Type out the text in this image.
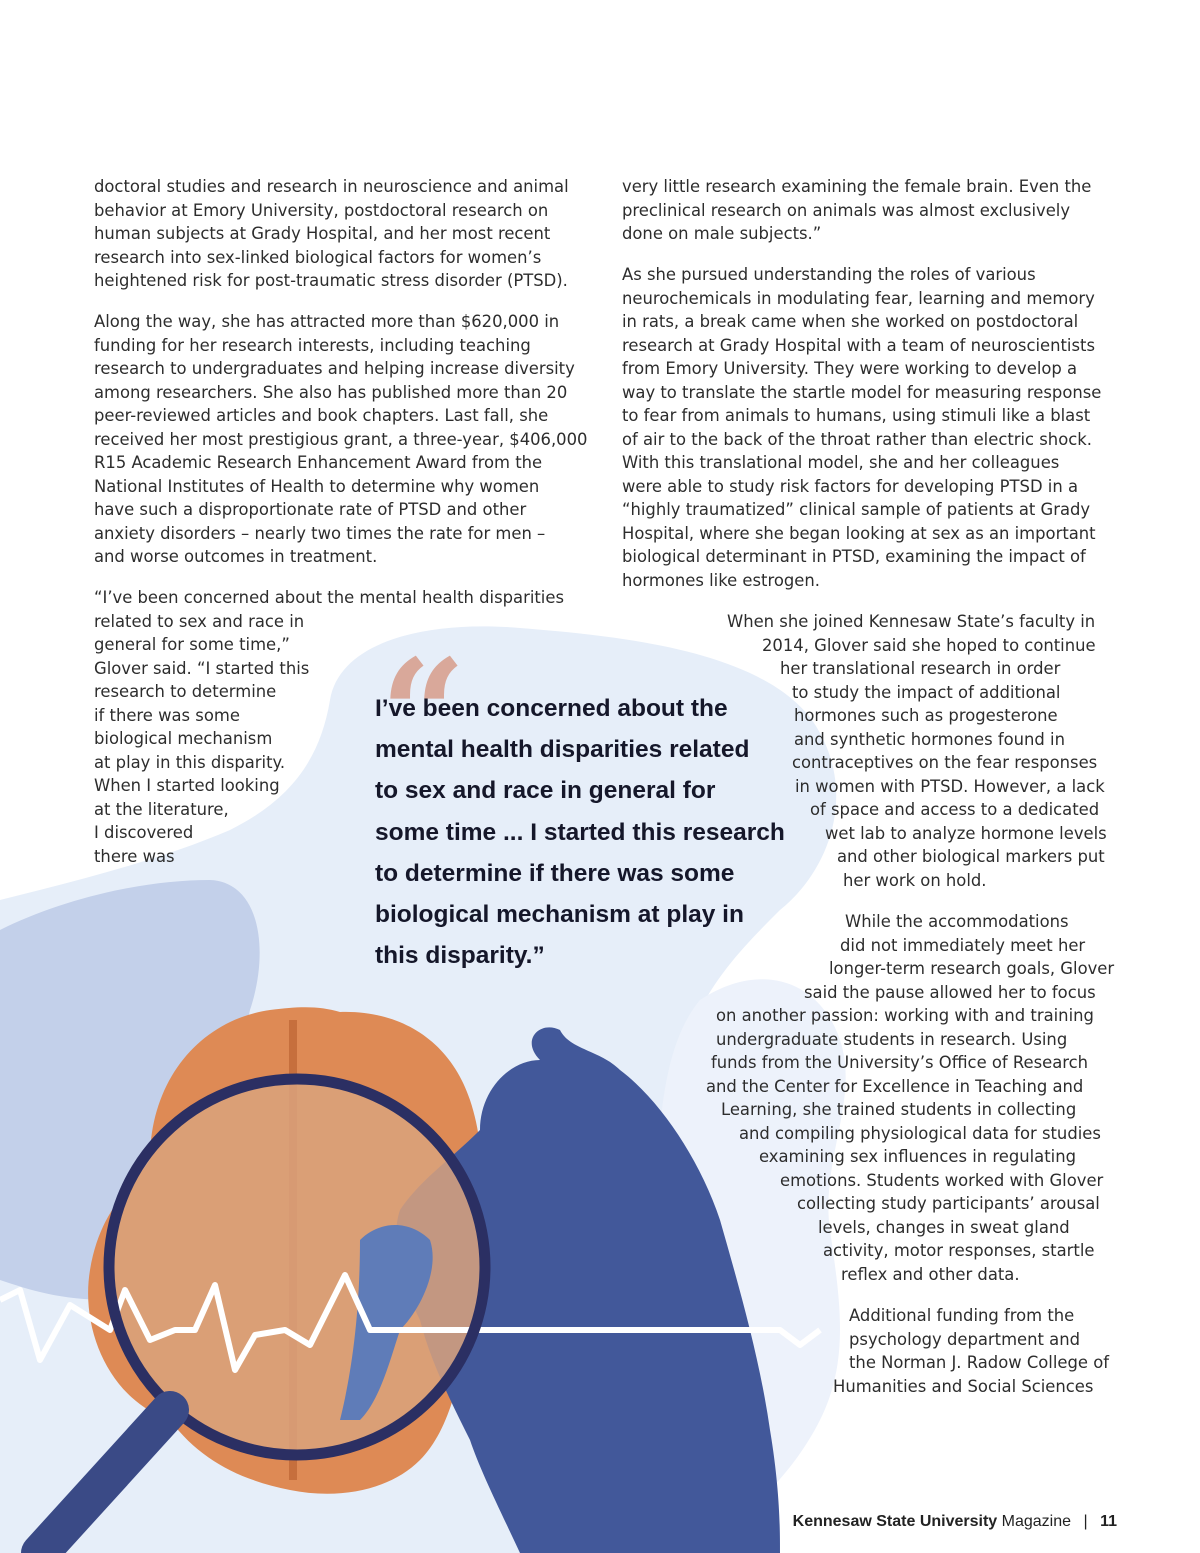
doctoral studies and research in neuroscience and animal
behavior at Emory University, postdoctoral research on
human subjects at Grady Hospital, and her most recent
research into sex-linked biological factors for women’s
heightened risk for post-traumatic stress disorder (PTSD).

Along the way, she has attracted more than $620,000 in
funding for her research interests, including teaching
research to undergraduates and helping increase diversity
among researchers. She also has published more than 20
peer-reviewed articles and book chapters. Last fall, she
received her most prestigious grant, a three-year, $406,000
R15 Academic Research Enhancement Award from the
National Institutes of Health to determine why women
have such a disproportionate rate of PTSD and other
anxiety disorders – nearly two times the rate for men –
and worse outcomes in treatment.

“I’ve been concerned about the mental health disparities
related to sex and race in
general for some time,”
Glover said. “I started this
research to determine
if there was some
biological mechanism
at play in this disparity.
When I started looking
at the literature,
I discovered
there was

very little research examining the female brain. Even the
preclinical research on animals was almost exclusively
done on male subjects.”

As she pursued understanding the roles of various
neurochemicals in modulating fear, learning and memory
in rats, a break came when she worked on postdoctoral
research at Grady Hospital with a team of neuroscientists
from Emory University. They were working to develop a
way to translate the startle model for measuring response
to fear from animals to humans, using stimuli like a blast
of air to the back of the throat rather than electric shock.
With this translational model, she and her colleagues
were able to study risk factors for developing PTSD in a
“highly traumatized” clinical sample of patients at Grady
Hospital, where she began looking at sex as an important
biological determinant in PTSD, examining the impact of
hormones like estrogen.

When she joined Kennesaw State’s faculty in
2014, Glover said she hoped to continue
her translational research in order
to study the impact of additional
hormones such as progesterone
and synthetic hormones found in
contraceptives on the fear responses
in women with PTSD. However, a lack
of space and access to a dedicated
wet lab to analyze hormone levels
and other biological markers put
her work on hold.
While the accommodations
did not immediately meet her
longer-term research goals, Glover
said the pause allowed her to focus
on another passion: working with and training
undergraduate students in research. Using
funds from the University’s Office of Research
and the Center for Excellence in Teaching and
Learning, she trained students in collecting
and compiling physiological data for studies
examining sex influences in regulating
emotions. Students worked with Glover
collecting study participants’ arousal
levels, changes in sweat gland
activity, motor responses, startle
reflex and other data.
Additional funding from the
psychology department and
the Norman J. Radow College of
Humanities and Social Sciences
“
I’ve been concerned about the
mental health disparities related
to sex and race in general for
some time ... I started this research
to determine if there was some
biological mechanism at play in
this disparity.”
Kennesaw State University Magazine | 11
